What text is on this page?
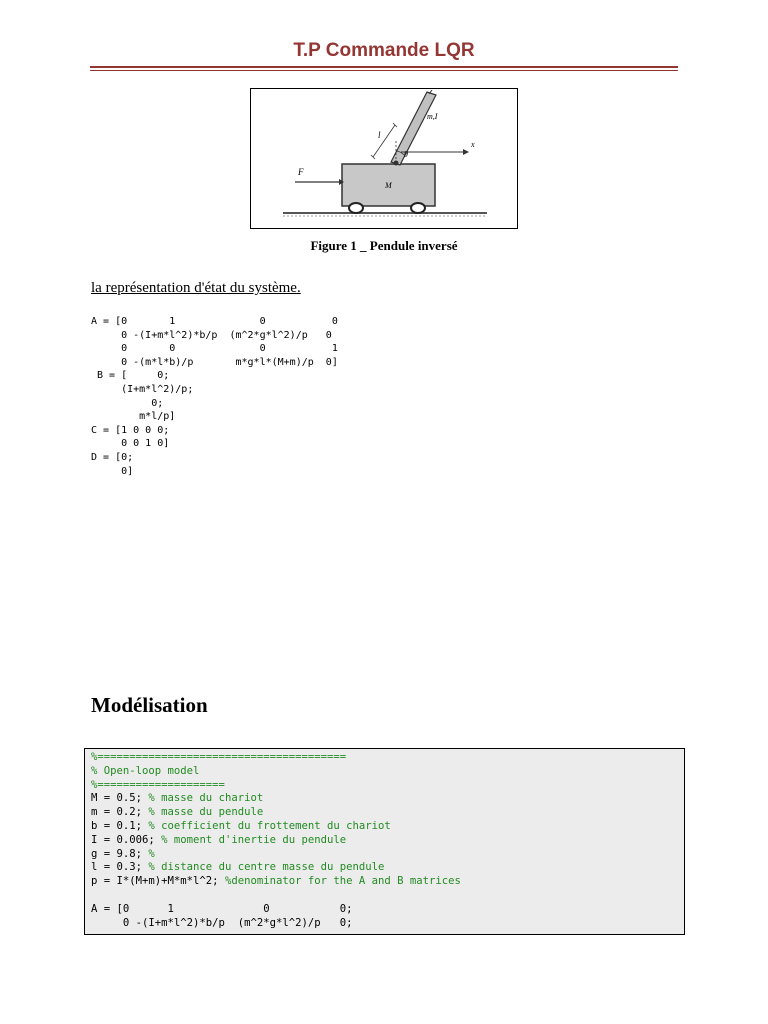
T.P Commande LQR
F
M
m,I
l
θ
x
Figure 1 _ Pendule inversé
la représentation d'état du système.
A = [0       1              0           0
0 -(I+m*l^2)*b/p  (m^2*g*l^2)/p   0
0       0              0           1
0 -(m*l*b)/p       m*g*l*(M+m)/p  0]
B = [     0;
(I+m*l^2)/p;
0;
m*l/p]
C = [1 0 0 0;
0 0 1 0]
D = [0;
0]
Modélisation
%=======================================
% Open-loop model
%====================
M = 0.5; % masse du chariot
m = 0.2; % masse du pendule
b = 0.1; % coefficient du frottement du chariot
I = 0.006; % moment d'inertie du pendule
g = 9.8; %
l = 0.3; % distance du centre masse du pendule
p = I*(M+m)+M*m*l^2; %denominator for the A and B matrices

A = [0      1              0           0;
0 -(I+m*l^2)*b/p  (m^2*g*l^2)/p   0;
